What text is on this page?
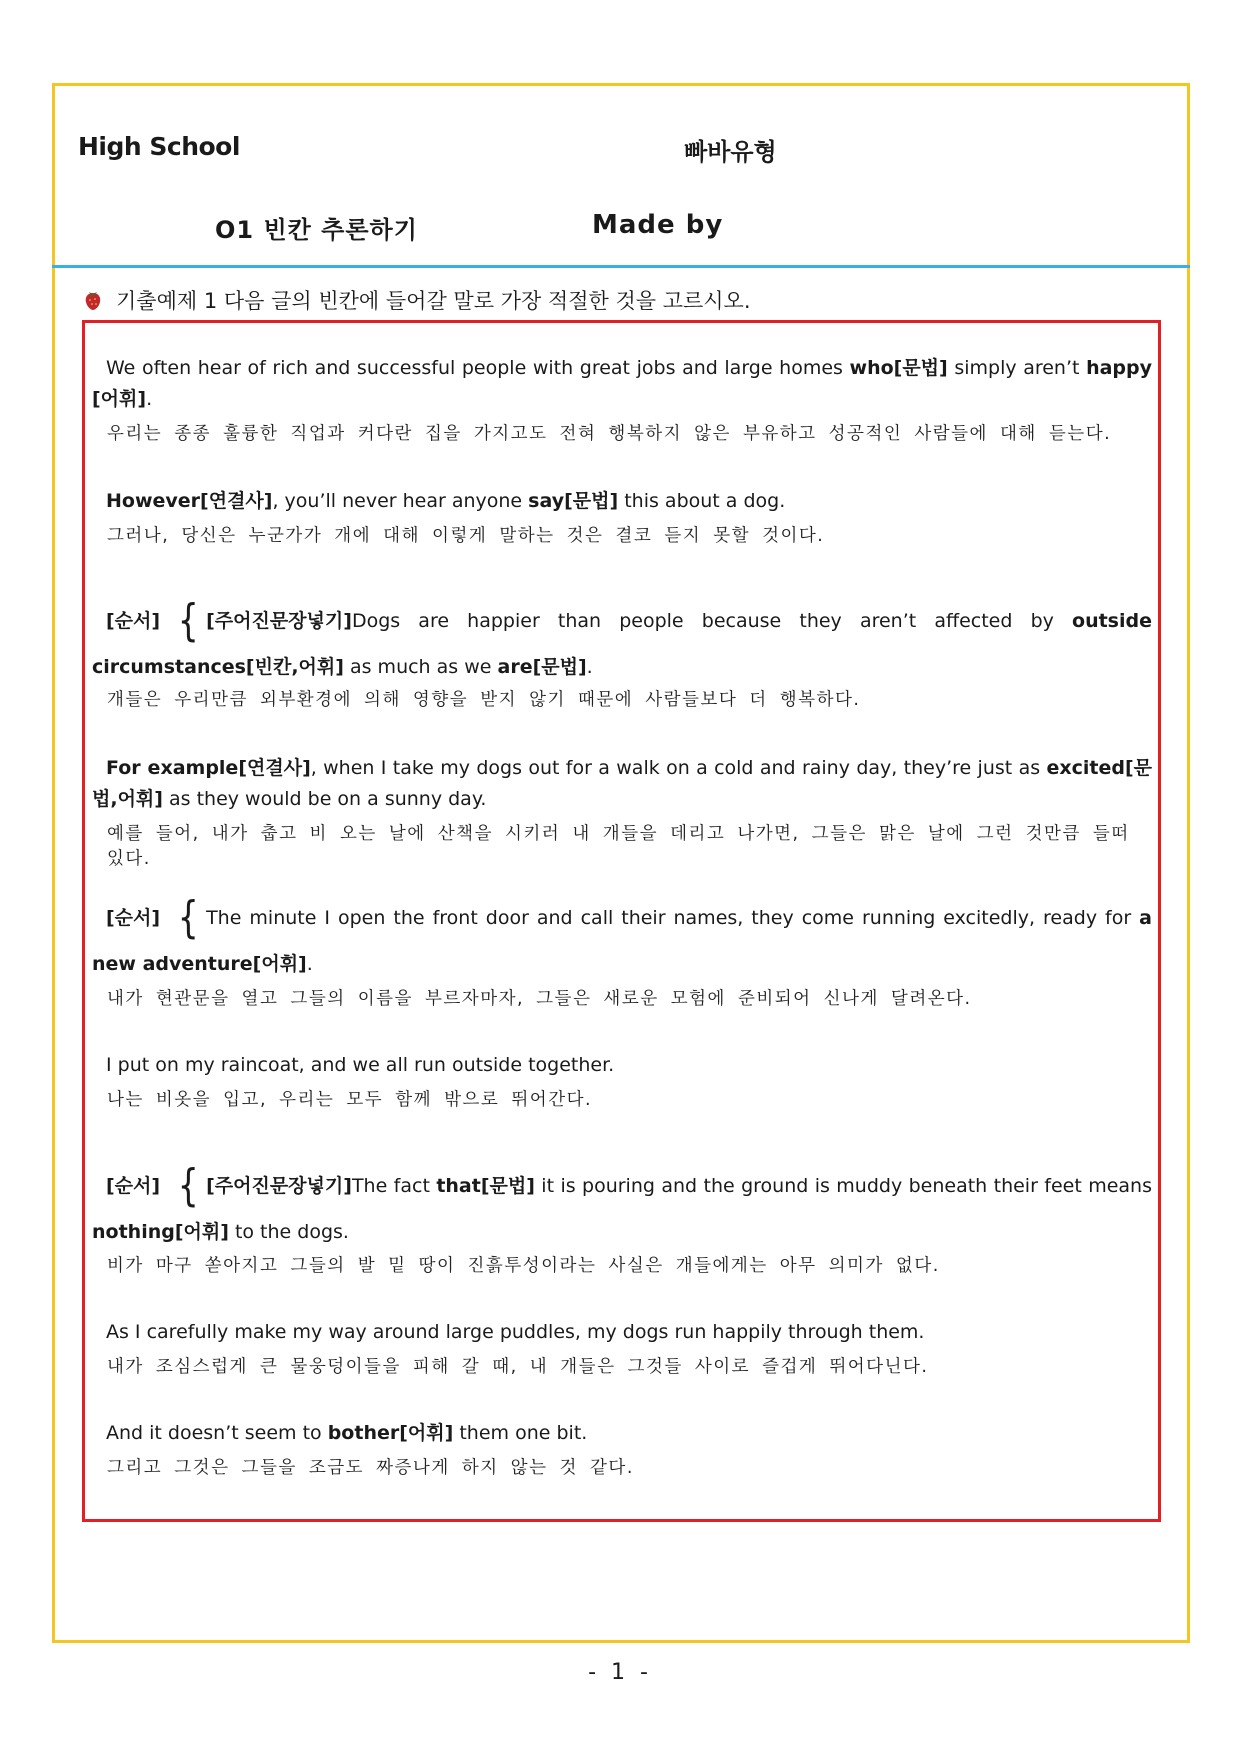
High School	빠바유형
O1 빈칸 추론하기	Made by
기출예제 1 다음 글의 빈칸에 들어갈 말로 가장 적절한 것을 고르시오.
We often hear of rich and successful people with great jobs and large homes who[문법] simply aren’t happy [어휘].
우리는 종종 훌륭한 직업과 커다란 집을 가지고도 전혀 행복하지 않은 부유하고 성공적인 사람들에 대해 듣는다.
However[연결사], you’ll never hear anyone say[문법] this about a dog.
그러나, 당신은 누군가가 개에 대해 이렇게 말하는 것은 결코 듣지 못할 것이다.
[순서] { [주어진문장넣기]Dogs are happier than people because they aren’t affected by outside circumstances[빈칸,어휘] as much as we are[문법].
개들은 우리만큼 외부환경에 의해 영향을 받지 않기 때문에 사람들보다 더 행복하다.
For example[연결사], when I take my dogs out for a walk on a cold and rainy day, they’re just as excited[문법,어휘] as they would be on a sunny day.
예를 들어, 내가 춥고 비 오는 날에 산책을 시키러 내 개들을 데리고 나가면, 그들은 맑은 날에 그런 것만큼 들떠 있다.
[순서] { The minute I open the front door and call their names, they come running excitedly, ready for a new adventure[어휘].
내가 현관문을 열고 그들의 이름을 부르자마자, 그들은 새로운 모험에 준비되어 신나게 달려온다.
I put on my raincoat, and we all run outside together.
나는 비옷을 입고, 우리는 모두 함께 밖으로 뛰어간다.
[순서] { [주어진문장넣기]The fact that[문법] it is pouring and the ground is muddy beneath their feet means nothing[어휘] to the dogs.
비가 마구 쏟아지고 그들의 발 밑 땅이 진흙투성이라는 사실은 개들에게는 아무 의미가 없다.
As I carefully make my way around large puddles, my dogs run happily through them.
내가 조심스럽게 큰 물웅덩이들을 피해 갈 때, 내 개들은 그것들 사이로 즐겁게 뛰어다닌다.
And it doesn’t seem to bother[어휘] them one bit.
그리고 그것은 그들을 조금도 짜증나게 하지 않는 것 같다.
- 1 -
